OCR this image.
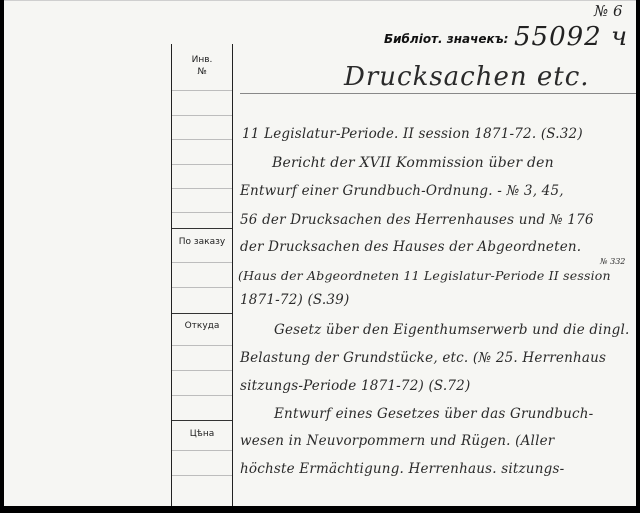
№ 6
Библіот. значекъ: 55092 ч
Инв.
№
По заказу
Откуда
Цѣна
Drucksachen etc.
11 Legislatur-Periode. II session 1871-72. (S.32)
Bericht der XVII Kommission über den
Entwurf einer Grundbuch-Ordnung. - № 3, 45,
56 der Drucksachen des Herrenhauses und № 176
der Drucksachen des Hauses der Abgeordneten.
(Haus der Abgeordneten 11 Legislatur-Periode II session
№ 332
1871-72) (S.39)
Gesetz über den Eigenthumserwerb und die dingl.
Belastung der Grundstücke, etc. (№ 25. Herrenhaus
sitzungs-Periode 1871-72) (S.72)
Entwurf eines Gesetzes über das Grundbuch-
wesen in Neuvorpommern und Rügen. (Aller
höchste Ermächtigung. Herrenhaus. sitzungs-
